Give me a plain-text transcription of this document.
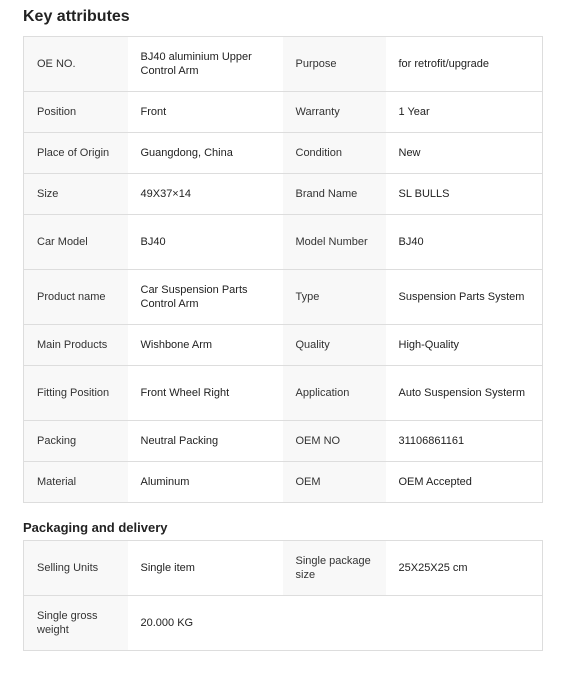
Key attributes
OE NO.	BJ40 aluminium Upper Control Arm	Purpose	for retrofit/upgrade
Position	Front	Warranty	1 Year
Place of Origin	Guangdong, China	Condition	New
Size	49X37×14	Brand Name	SL BULLS
Car Model	BJ40	Model Number	BJ40
Product name	Car Suspension Parts Control Arm	Type	Suspension Parts System
Main Products	Wishbone Arm	Quality	High-Quality
Fitting Position	Front Wheel Right	Application	Auto Suspension Systerm
Packing	Neutral Packing	OEM NO	31106861161
Material	Aluminum	OEM	OEM Accepted
Packaging and delivery
Selling Units	Single item	Single package size	25X25X25 cm
Single gross weight	20.000 KG		
